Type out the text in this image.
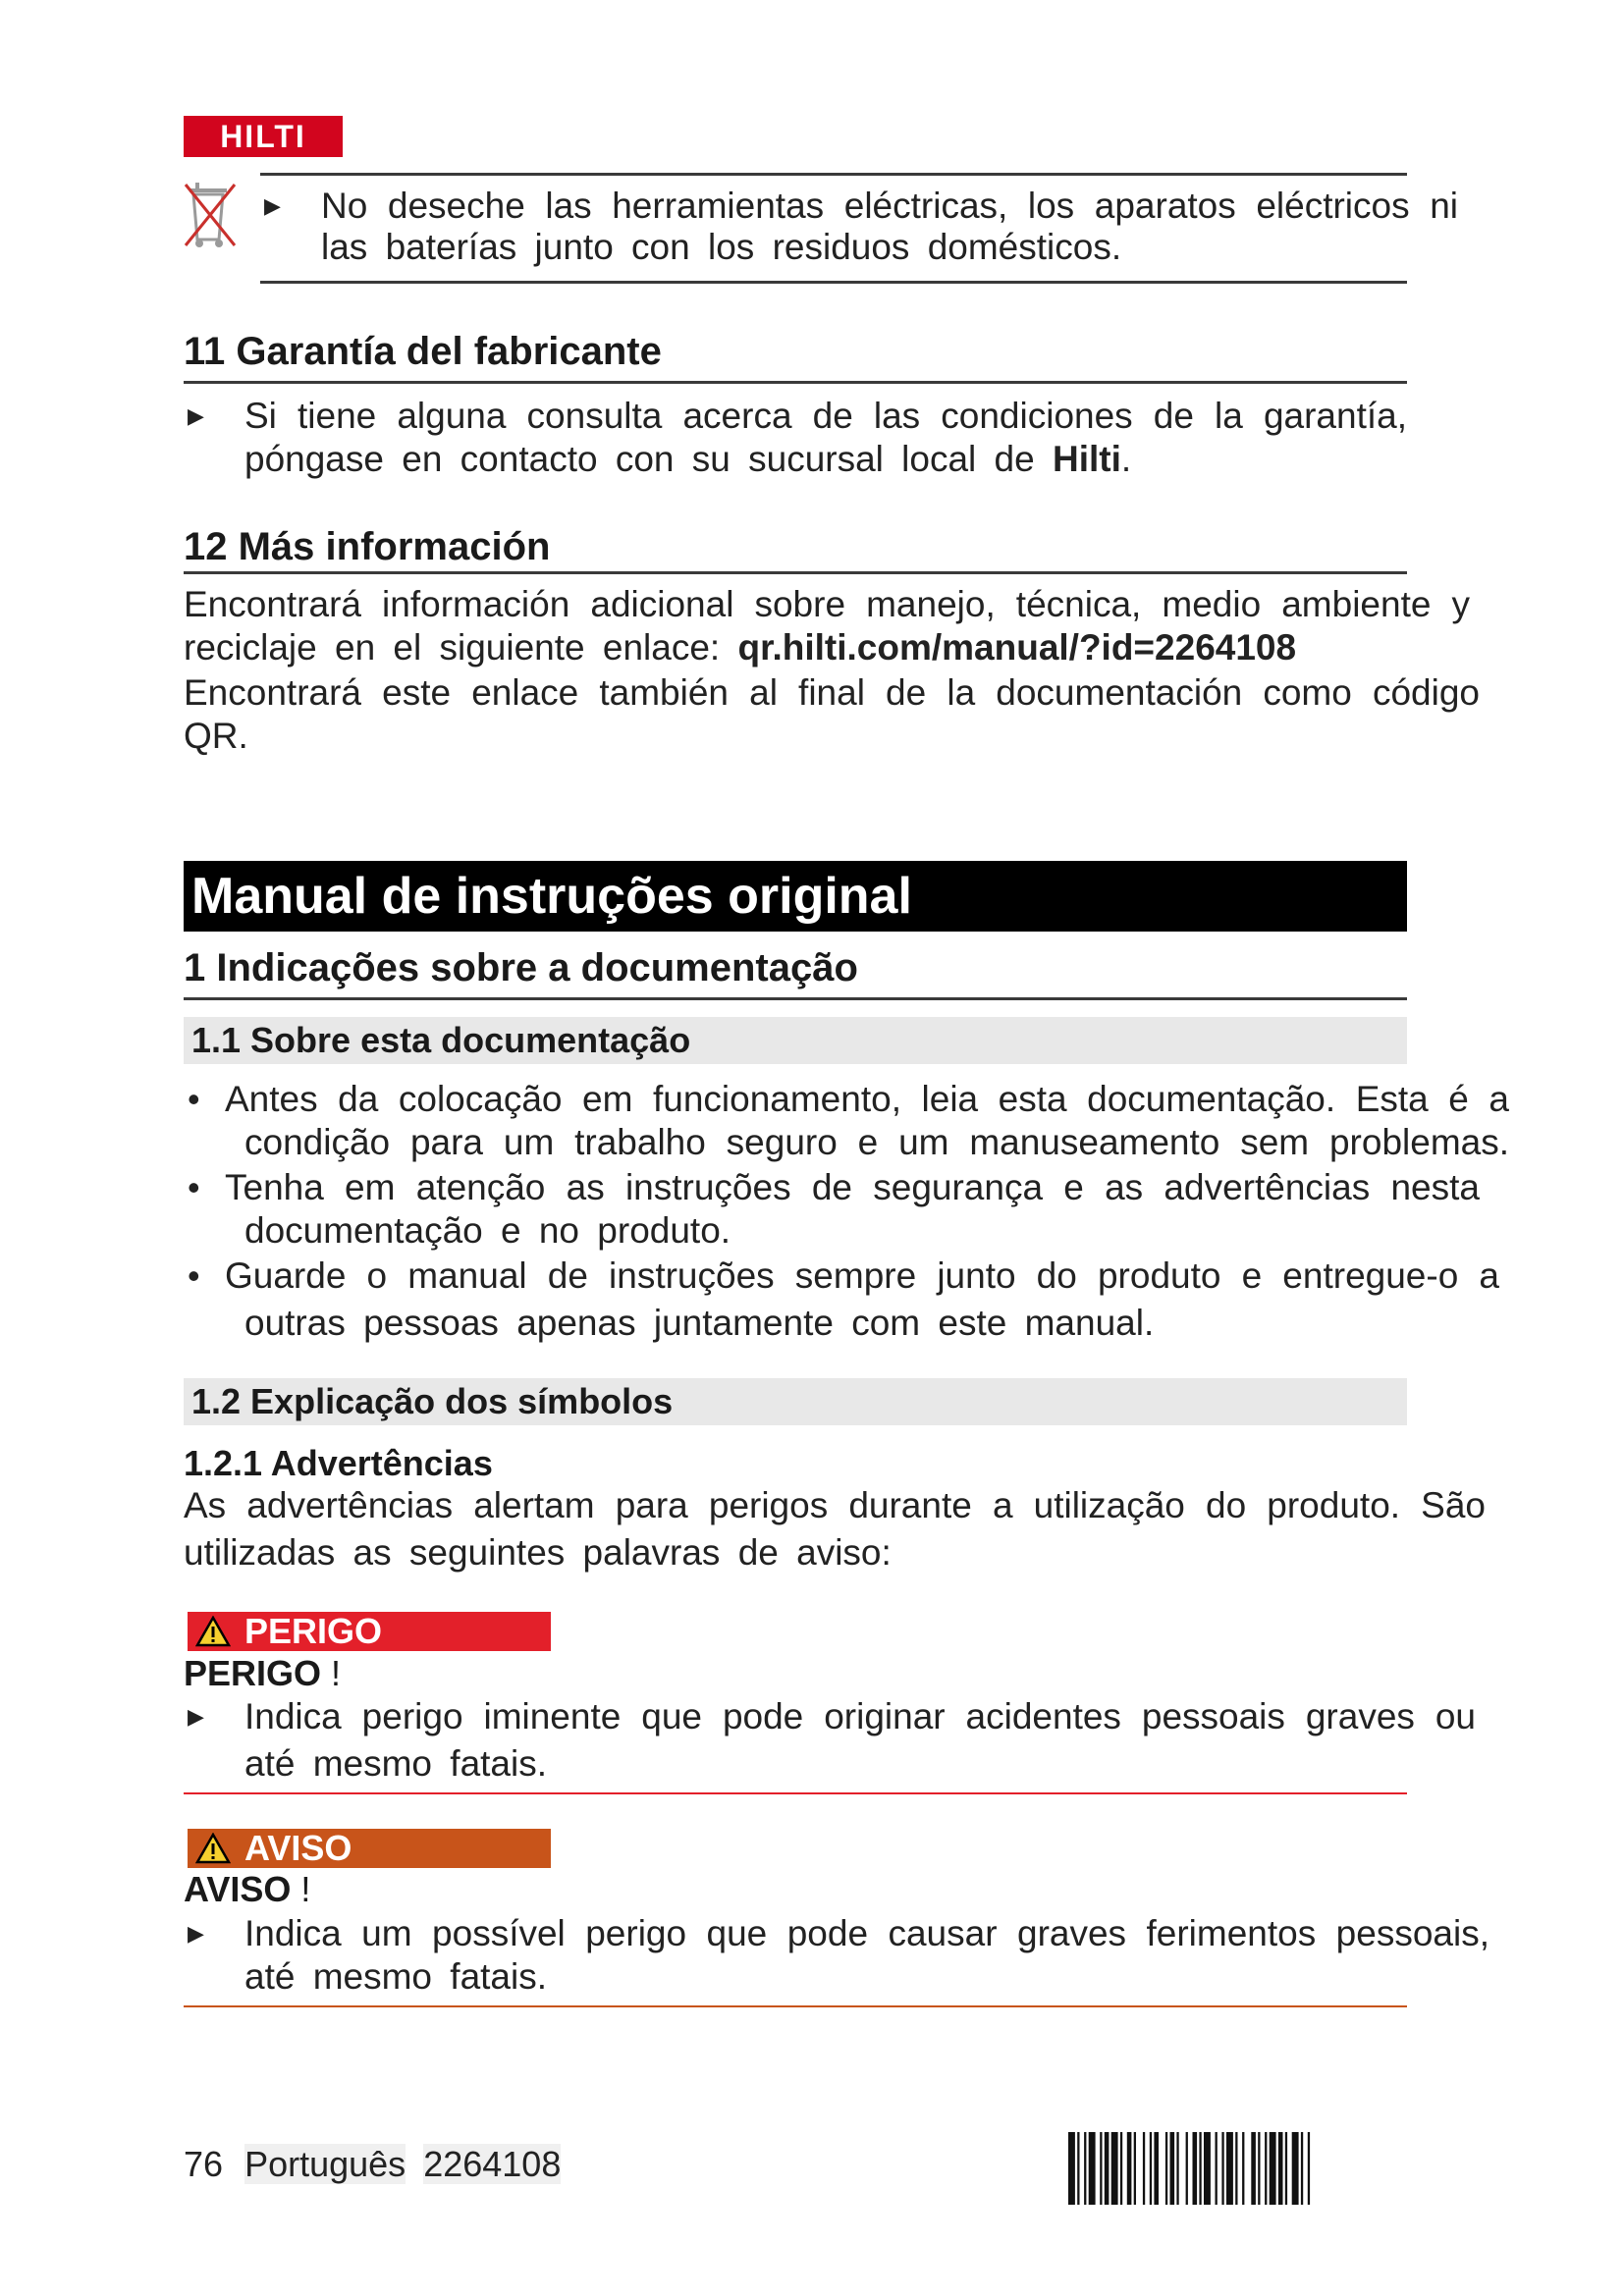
HILTI
▶	No deseche las herramientas eléctricas, los aparatos eléctricos ni
las baterías junto con los residuos domésticos.
11 Garantía del fabricante
▶	Si tiene alguna consulta acerca de las condiciones de la garantía,
póngase en contacto con su sucursal local de Hilti.
12 Más información
Encontrará información adicional sobre manejo, técnica, medio ambiente y
reciclaje en el siguiente enlace: qr.hilti.com/manual/?id=2264108
Encontrará este enlace también al final de la documentación como código
QR.
Manual de instruções original
1 Indicações sobre a documentação
1.1 Sobre esta documentação
• Antes da colocação em funcionamento, leia esta documentação. Esta é a
condição para um trabalho seguro e um manuseamento sem problemas.
• Tenha em atenção as instruções de segurança e as advertências nesta
documentação e no produto.
• Guarde o manual de instruções sempre junto do produto e entregue-o a
outras pessoas apenas juntamente com este manual.
1.2 Explicação dos símbolos
1.2.1 Advertências
As advertências alertam para perigos durante a utilização do produto. São
utilizadas as seguintes palavras de aviso:
PERIGO
PERIGO !
▶	Indica perigo iminente que pode originar acidentes pessoais graves ou
até mesmo fatais.
AVISO
AVISO !
▶	Indica um possível perigo que pode causar graves ferimentos pessoais,
até mesmo fatais.
76 Português 2264108
